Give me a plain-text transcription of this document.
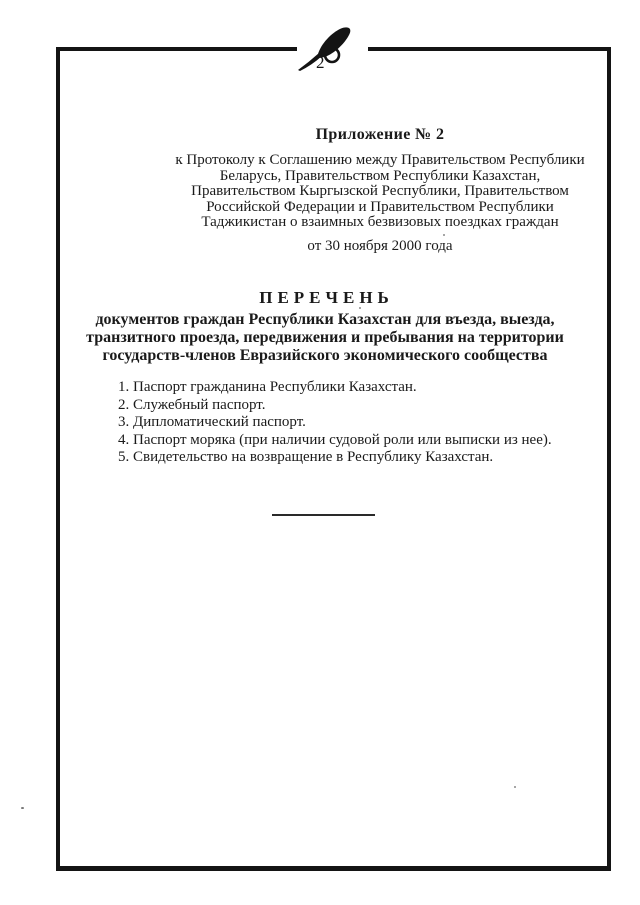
2
Приложение № 2
к Протоколу к Соглашению между Правительством Республики
Беларусь, Правительством Республики Казахстан,
Правительством Кыргызской Республики, Правительством
Российской Федерации и Правительством Республики
Таджикистан о взаимных безвизовых поездках граждан
от 30 ноября 2000 года
ПЕРЕЧЕНЬ
документов граждан Республики Казахстан для въезда, выезда,
транзитного проезда, передвижения и пребывания на территории
государств-членов Евразийского экономического сообщества
1. Паспорт гражданина Республики Казахстан.
2. Служебный паспорт.
3. Дипломатический паспорт.
4. Паспорт моряка (при наличии судовой роли или выписки из нее).
5. Свидетельство на возвращение в Республику Казахстан.
